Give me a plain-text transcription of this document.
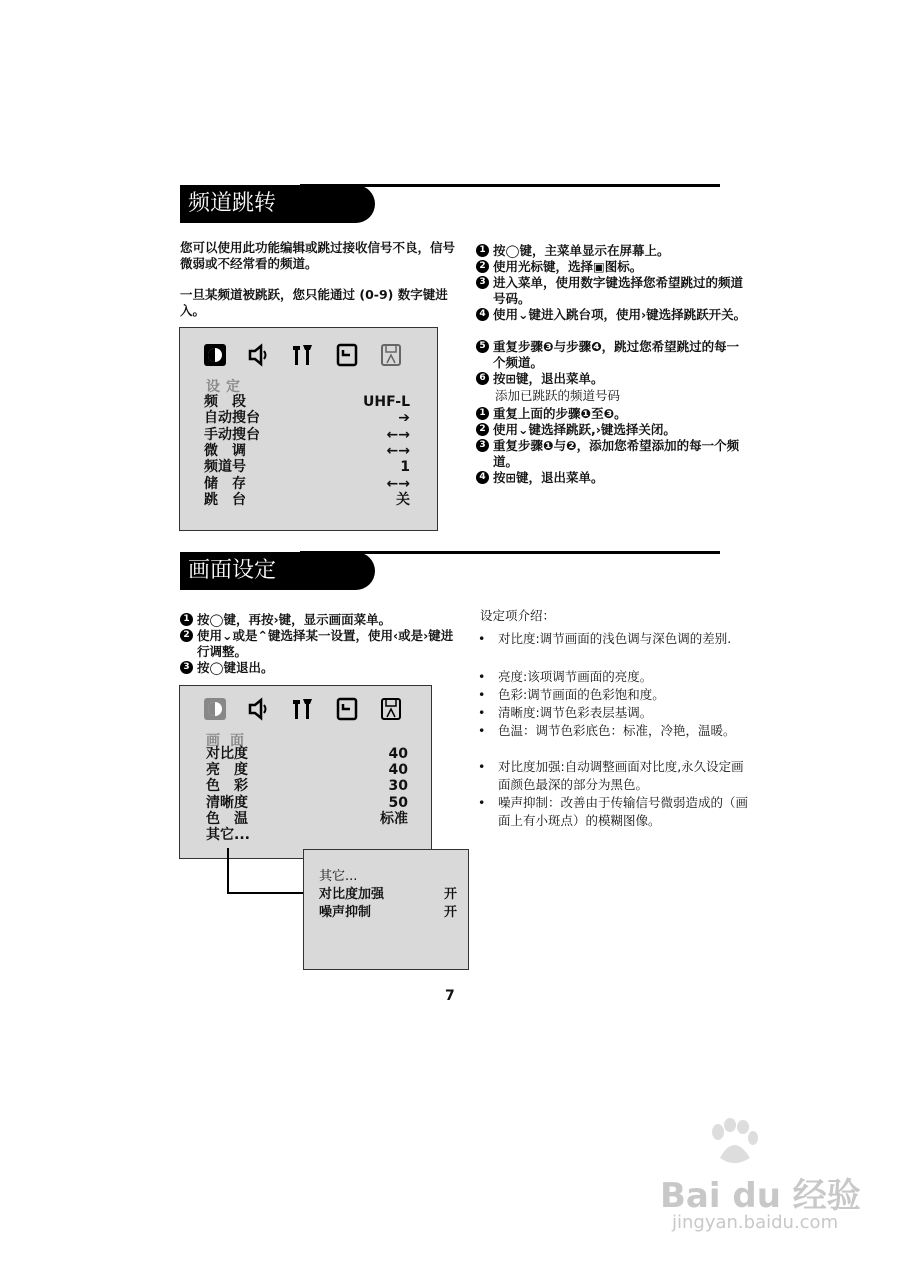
频道跳转
您可以使用此功能编辑或跳过接收信号不良，信号微弱或不经常看的频道。
一旦某频道被跳跃，您只能通过 (0-9) 数字键进入。
1 按◯键，主菜单显示在屏幕上。
2 使用光标键，选择▣图标。
3 进入菜单，使用数字键选择您希望跳过的频道号码。
4 使用⌄键进入跳台项，使用›键选择跳跃开关。
5 重复步骤❸与步骤❹，跳过您希望跳过的每一个频道。
6 按⊞键，退出菜单。
添加已跳跃的频道号码
1 重复上面的步骤❶至❸。
2 使用⌄键选择跳跃,›键选择关闭。
3 重复步骤❶与❷，添加您希望添加的每一个频道。
4 按⊞键，退出菜单。
设定
频　段	UHF-L
自动搜台	➔
手动搜台	←→
微　调	←→
频道号	1
储　存	←→
跳　台	关
画面设定
1 按◯键，再按›键，显示画面菜单。
2 使用⌄或是⌃键选择某一设置，使用‹或是›键进行调整。
3 按◯键退出。
画面
对比度	40
亮　度	40
色　彩	30
清晰度	50
色　温	标准
其它...
其它...
对比度加强	开
噪声抑制	开
设定项介绍：
• 对比度:调节画面的浅色调与深色调的差别.
• 亮度:该项调节画面的亮度。
• 色彩:调节画面的色彩饱和度。
• 清晰度:调节色彩表层基调。
• 色温：调节色彩底色：标准，冷艳，温暖。
• 对比度加强:自动调整画面对比度,永久设定画面颜色最深的部分为黑色。
• 噪声抑制：改善由于传输信号微弱造成的（画面上有小斑点）的模糊图像。
7
Bai du 经验
jingyan.baidu.com
